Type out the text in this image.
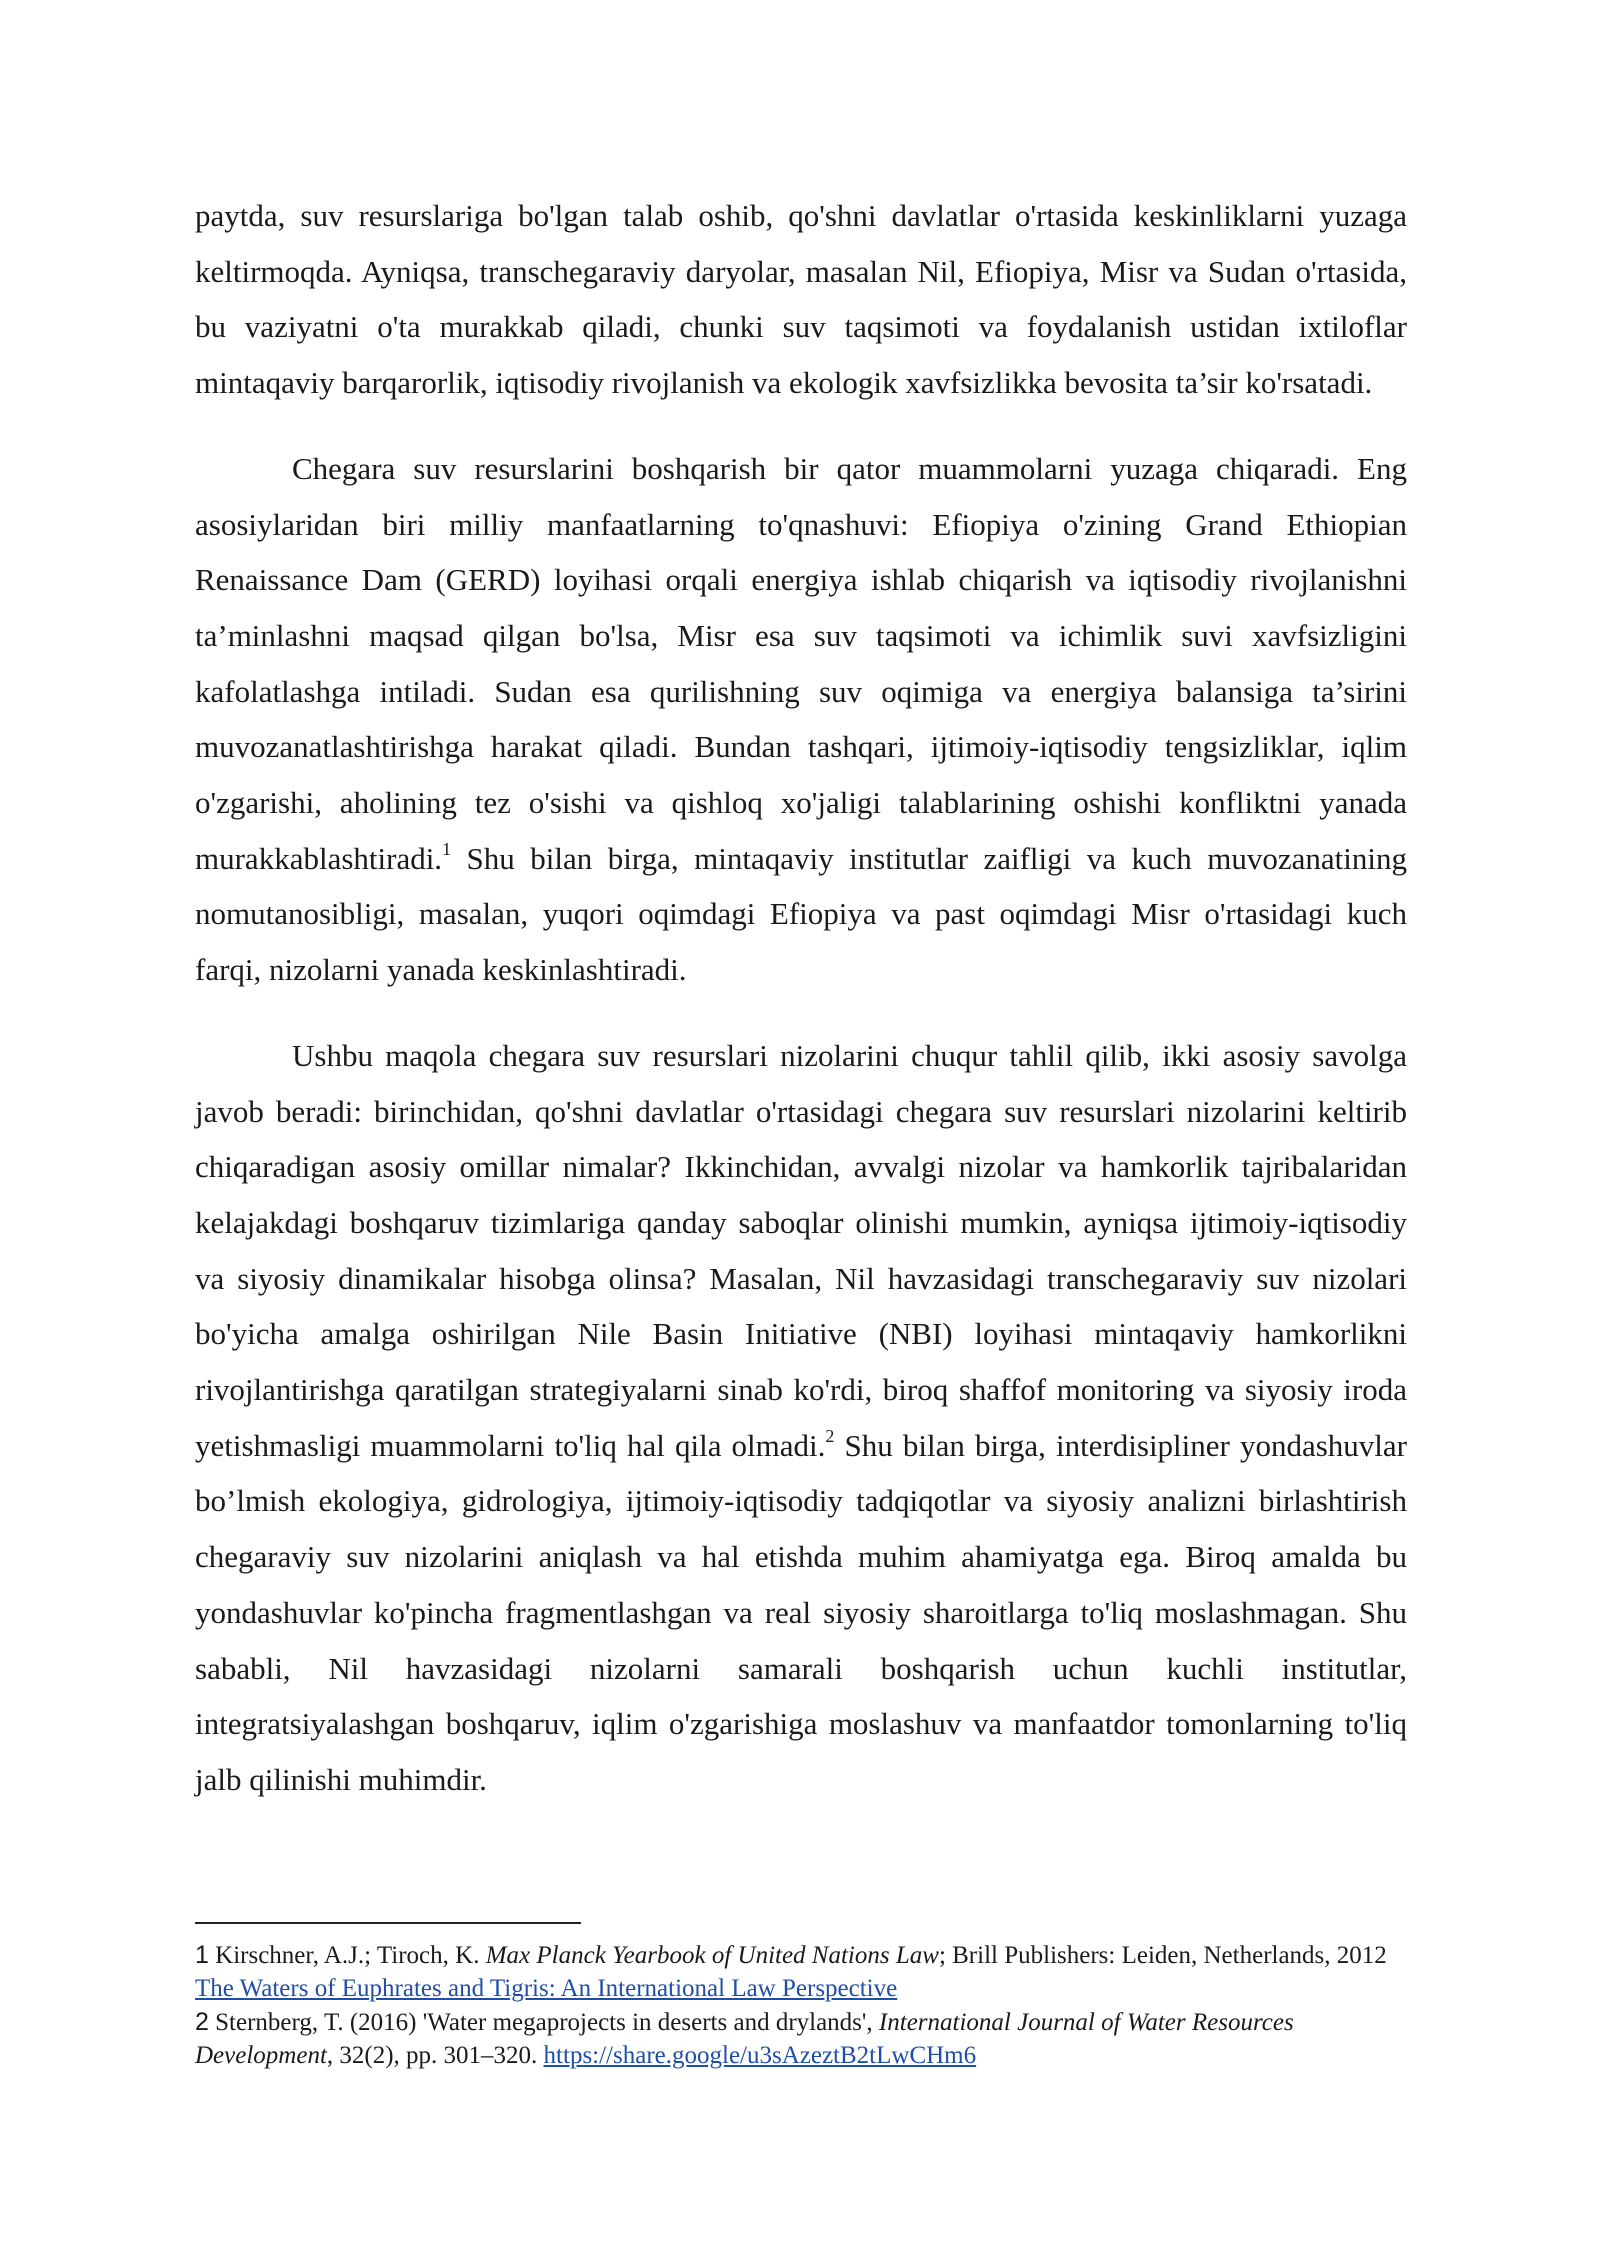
paytda, suv resurslariga bo'lgan talab oshib, qo'shni davlatlar o'rtasida keskinliklarni yuzaga keltirmoqda. Ayniqsa, transchegaraviy daryolar, masalan Nil, Efiopiya, Misr va Sudan o'rtasida, bu vaziyatni o'ta murakkab qiladi, chunki suv taqsimoti va foydalanish ustidan ixtiloflar mintaqaviy barqarorlik, iqtisodiy rivojlanish va ekologik xavfsizlikka bevosita ta’sir ko'rsatadi.

Chegara suv resurslarini boshqarish bir qator muammolarni yuzaga chiqaradi. Eng asosiylaridan biri milliy manfaatlarning to'qnashuvi: Efiopiya o'zining Grand Ethiopian Renaissance Dam (GERD) loyihasi orqali energiya ishlab chiqarish va iqtisodiy rivojlanishni ta’minlashni maqsad qilgan bo'lsa, Misr esa suv taqsimoti va ichimlik suvi xavfsizligini kafolatlashga intiladi. Sudan esa qurilishning suv oqimiga va energiya balansiga ta’sirini muvozanatlashtirishga harakat qiladi. Bundan tashqari, ijtimoiy-iqtisodiy tengsizliklar, iqlim o'zgarishi, aholining tez o'sishi va qishloq xo'jaligi talablarining oshishi konfliktni yanada murakkablashtiradi.$^1$ Shu bilan birga, mintaqaviy institutlar zaifligi va kuch muvozanatining nomutanosibligi, masalan, yuqori oqimdagi Efiopiya va past oqimdagi Misr o'rtasidagi kuch farqi, nizolarni yanada keskinlashtiradi.

Ushbu maqola chegara suv resurslari nizolarini chuqur tahlil qilib, ikki asosiy savolga javob beradi: birinchidan, qo'shni davlatlar o'rtasidagi chegara suv resurslari nizolarini keltirib chiqaradigan asosiy omillar nimalar? Ikkinchidan, avvalgi nizolar va hamkorlik tajribalaridan kelajakdagi boshqaruv tizimlariga qanday saboqlar olinishi mumkin, ayniqsa ijtimoiy-iqtisodiy va siyosiy dinamikalar hisobga olinsa? Masalan, Nil havzasidagi transchegaraviy suv nizolari bo'yicha amalga oshirilgan Nile Basin Initiative (NBI) loyihasi mintaqaviy hamkorlikni rivojlantirishga qaratilgan strategiyalarni sinab ko'rdi, biroq shaffof monitoring va siyosiy iroda yetishmasligi muammolarni to'liq hal qila olmadi.$^2$ Shu bilan birga, interdisipliner yondashuvlar bo’lmish ekologiya, gidrologiya, ijtimoiy-iqtisodiy tadqiqotlar va siyosiy analizni birlashtirish chegaraviy suv nizolarini aniqlash va hal etishda muhim ahamiyatga ega. Biroq amalda bu yondashuvlar ko'pincha fragmentlashgan va real siyosiy sharoitlarga to'liq moslashmagan. Shu sababli, Nil havzasidagi nizolarni samarali boshqarish uchun kuchli institutlar, integratsiyalashgan boshqaruv, iqlim o'zgarishiga moslashuv va manfaatdor tomonlarning to'liq jalb qilinishi muhimdir.

1 Kirschner, A.J.; Tiroch, K. Max Planck Yearbook of United Nations Law; Brill Publishers: Leiden, Netherlands, 2012 The Waters of Euphrates and Tigris: An International Law Perspective
2 Sternberg, T. (2016) 'Water megaprojects in deserts and drylands', International Journal of Water Resources Development, 32(2), pp. 301–320. https://share.google/u3sAzeztB2tLwCHm6
